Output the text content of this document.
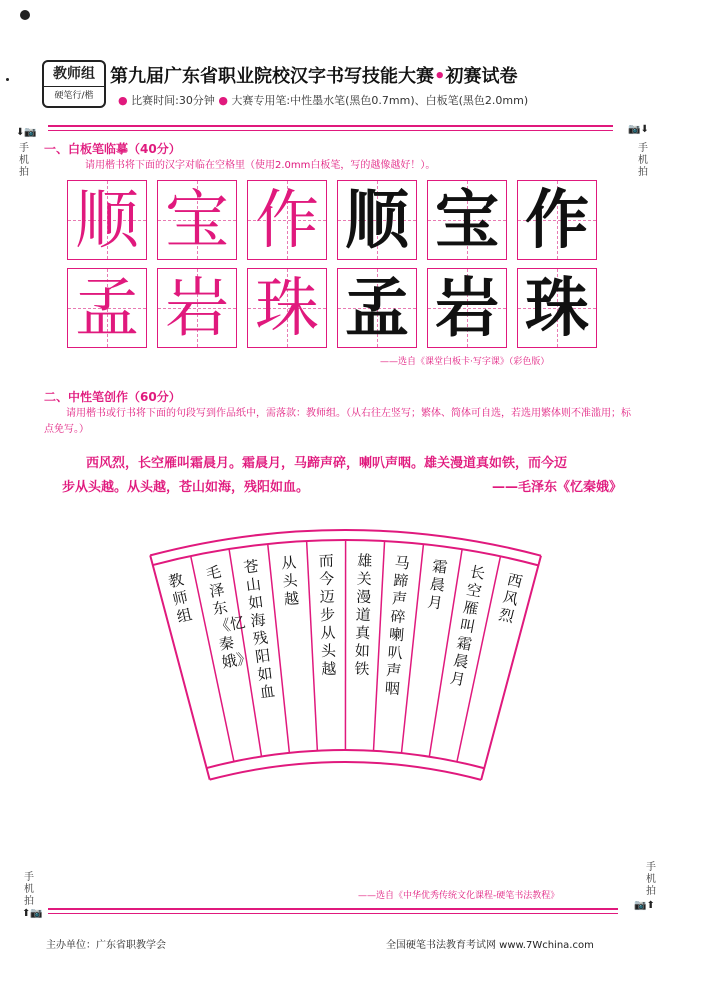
教师组
硬笔行/楷
第九届广东省职业院校汉字书写技能大赛•初赛试卷
● 比赛时间:30分钟 ● 大赛专用笔:中性墨水笔(黑色0.7mm)、白板笔(黑色2.0mm)
⬇📷
手
机
拍
📷⬇
手
机
拍
一、白板笔临摹（40分）
请用楷书将下面的汉字对临在空格里（使用2.0mm白板笔，写的越像越好！）。
顺 宝 作 顺 宝 作
孟 岩 珠 孟 岩 珠
——选自《课堂白板卡·写字课》（彩色版）
二、中性笔创作（60分）
请用楷书或行书将下面的句段写到作品纸中，需落款：教师组。（从右往左竖写；繁体、简体可自选，若选用繁体则不准滥用；标点免写。）
西风烈，长空雁叫霜晨月。霜晨月，马蹄声碎，喇叭声咽。雄关漫道真如铁，而今迈
步从头越。从头越，苍山如海，残阳如血。	——毛泽东《忆秦娥》
教师组
毛泽东《忆秦娥》
苍山如海残阳如血
从头越
而今迈步从头越
雄关漫道真如铁
马蹄声碎喇叭声咽
霜晨月
长空雁叫霜晨月
西风烈
手
机
拍
⬆📷
手
机
拍
📷⬆
——选自《中华优秀传统文化课程-硬笔书法教程》
主办单位：广东省职教学会	全国硬笔书法教育考试网 www.7Wchina.com
